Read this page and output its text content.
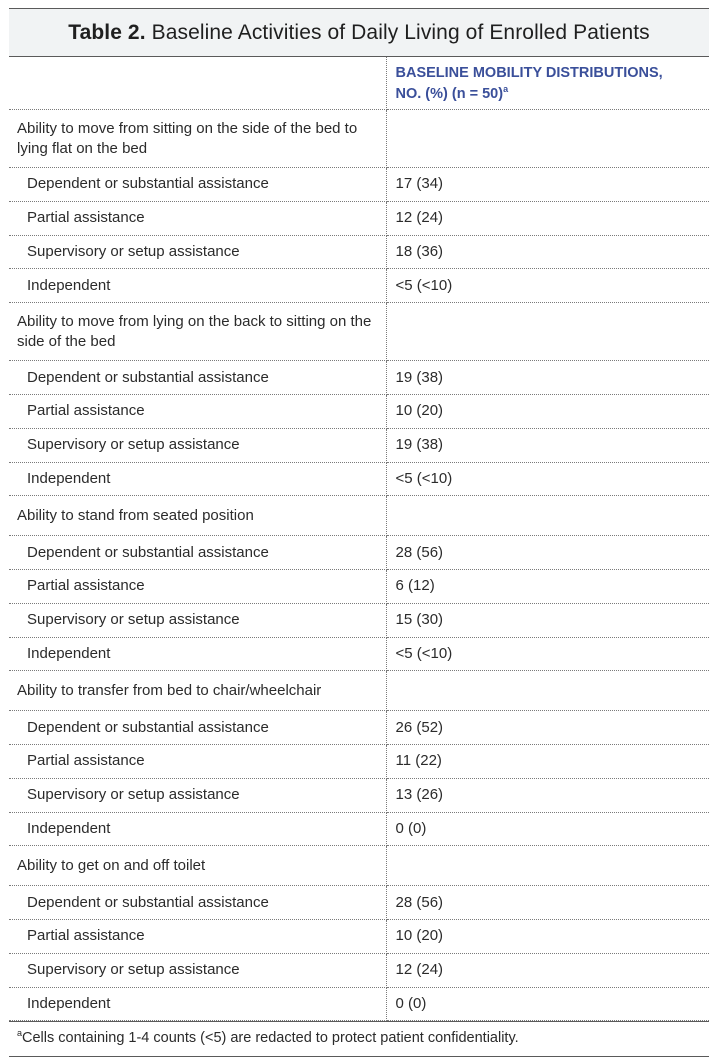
Table 2. Baseline Activities of Daily Living of Enrolled Patients
	BASELINE MOBILITY DISTRIBUTIONS,
NO. (%) (n = 50)$^a$
Ability to move from sitting on the side of the bed to lying flat on the bed	
Dependent or substantial assistance	17 (34)
Partial assistance	12 (24)
Supervisory or setup assistance	18 (36)
Independent	<5 (<10)
Ability to move from lying on the back to sitting on the side of the bed	
Dependent or substantial assistance	19 (38)
Partial assistance	10 (20)
Supervisory or setup assistance	19 (38)
Independent	<5 (<10)
Ability to stand from seated position	
Dependent or substantial assistance	28 (56)
Partial assistance	6 (12)
Supervisory or setup assistance	15 (30)
Independent	<5 (<10)
Ability to transfer from bed to chair/wheelchair	
Dependent or substantial assistance	26 (52)
Partial assistance	11 (22)
Supervisory or setup assistance	13 (26)
Independent	0 (0)
Ability to get on and off toilet	
Dependent or substantial assistance	28 (56)
Partial assistance	10 (20)
Supervisory or setup assistance	12 (24)
Independent	0 (0)
$^a$Cells containing 1-4 counts (<5) are redacted to protect patient confidentiality.
